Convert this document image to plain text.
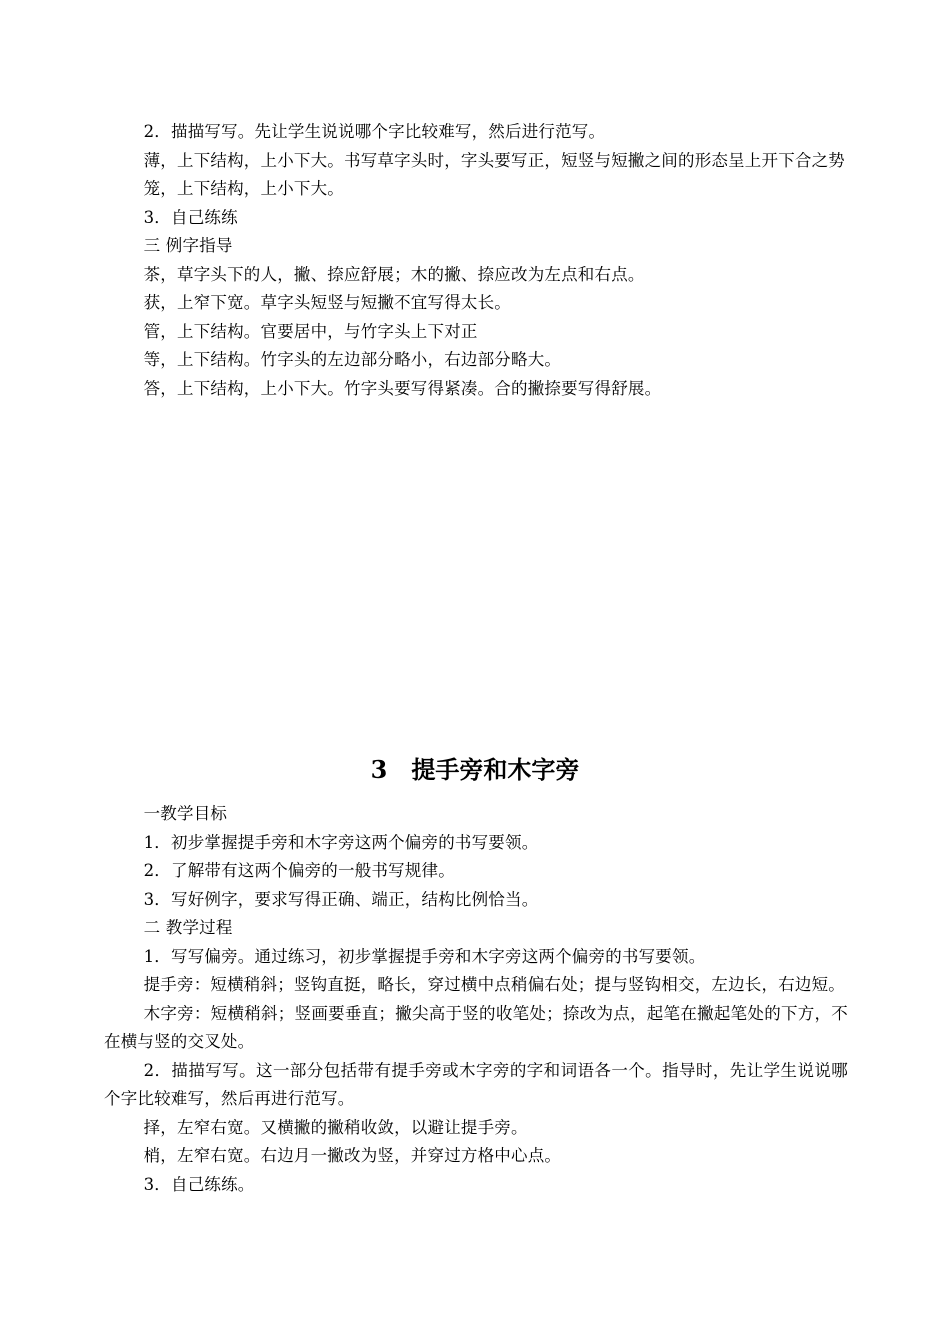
2．描描写写。先让学生说说哪个字比较难写，然后进行范写。

薄，上下结构，上小下大。书写草字头时，字头要写正，短竖与短撇之间的形态呈上开下合之势

笼，上下结构，上小下大。

3．自己练练

三 例字指导

茶，草字头下的人，撇、捺应舒展；木的撇、捺应改为左点和右点。

获，上窄下宽。草字头短竖与短撇不宜写得太长。

管，上下结构。官要居中，与竹字头上下对正

等，上下结构。竹字头的左边部分略小，右边部分略大。

答，上下结构，上小下大。竹字头要写得紧凑。合的撇捺要写得舒展。

3　提手旁和木字旁

一教学目标

1．初步掌握提手旁和木字旁这两个偏旁的书写要领。

2．了解带有这两个偏旁的一般书写规律。

3．写好例字，要求写得正确、端正，结构比例恰当。

二 教学过程

1．写写偏旁。通过练习，初步掌握提手旁和木字旁这两个偏旁的书写要领。

提手旁：短横稍斜；竖钩直挺，略长，穿过横中点稍偏右处；提与竖钩相交，左边长，右边短。

木字旁：短横稍斜；竖画要垂直；撇尖高于竖的收笔处；捺改为点，起笔在撇起笔处的下方，不在横与竖的交叉处。

2．描描写写。这一部分包括带有提手旁或木字旁的字和词语各一个。指导时，先让学生说说哪个字比较难写，然后再进行范写。

择，左窄右宽。又横撇的撇稍收敛，以避让提手旁。

梢，左窄右宽。右边月一撇改为竖，并穿过方格中心点。

3．自己练练。
